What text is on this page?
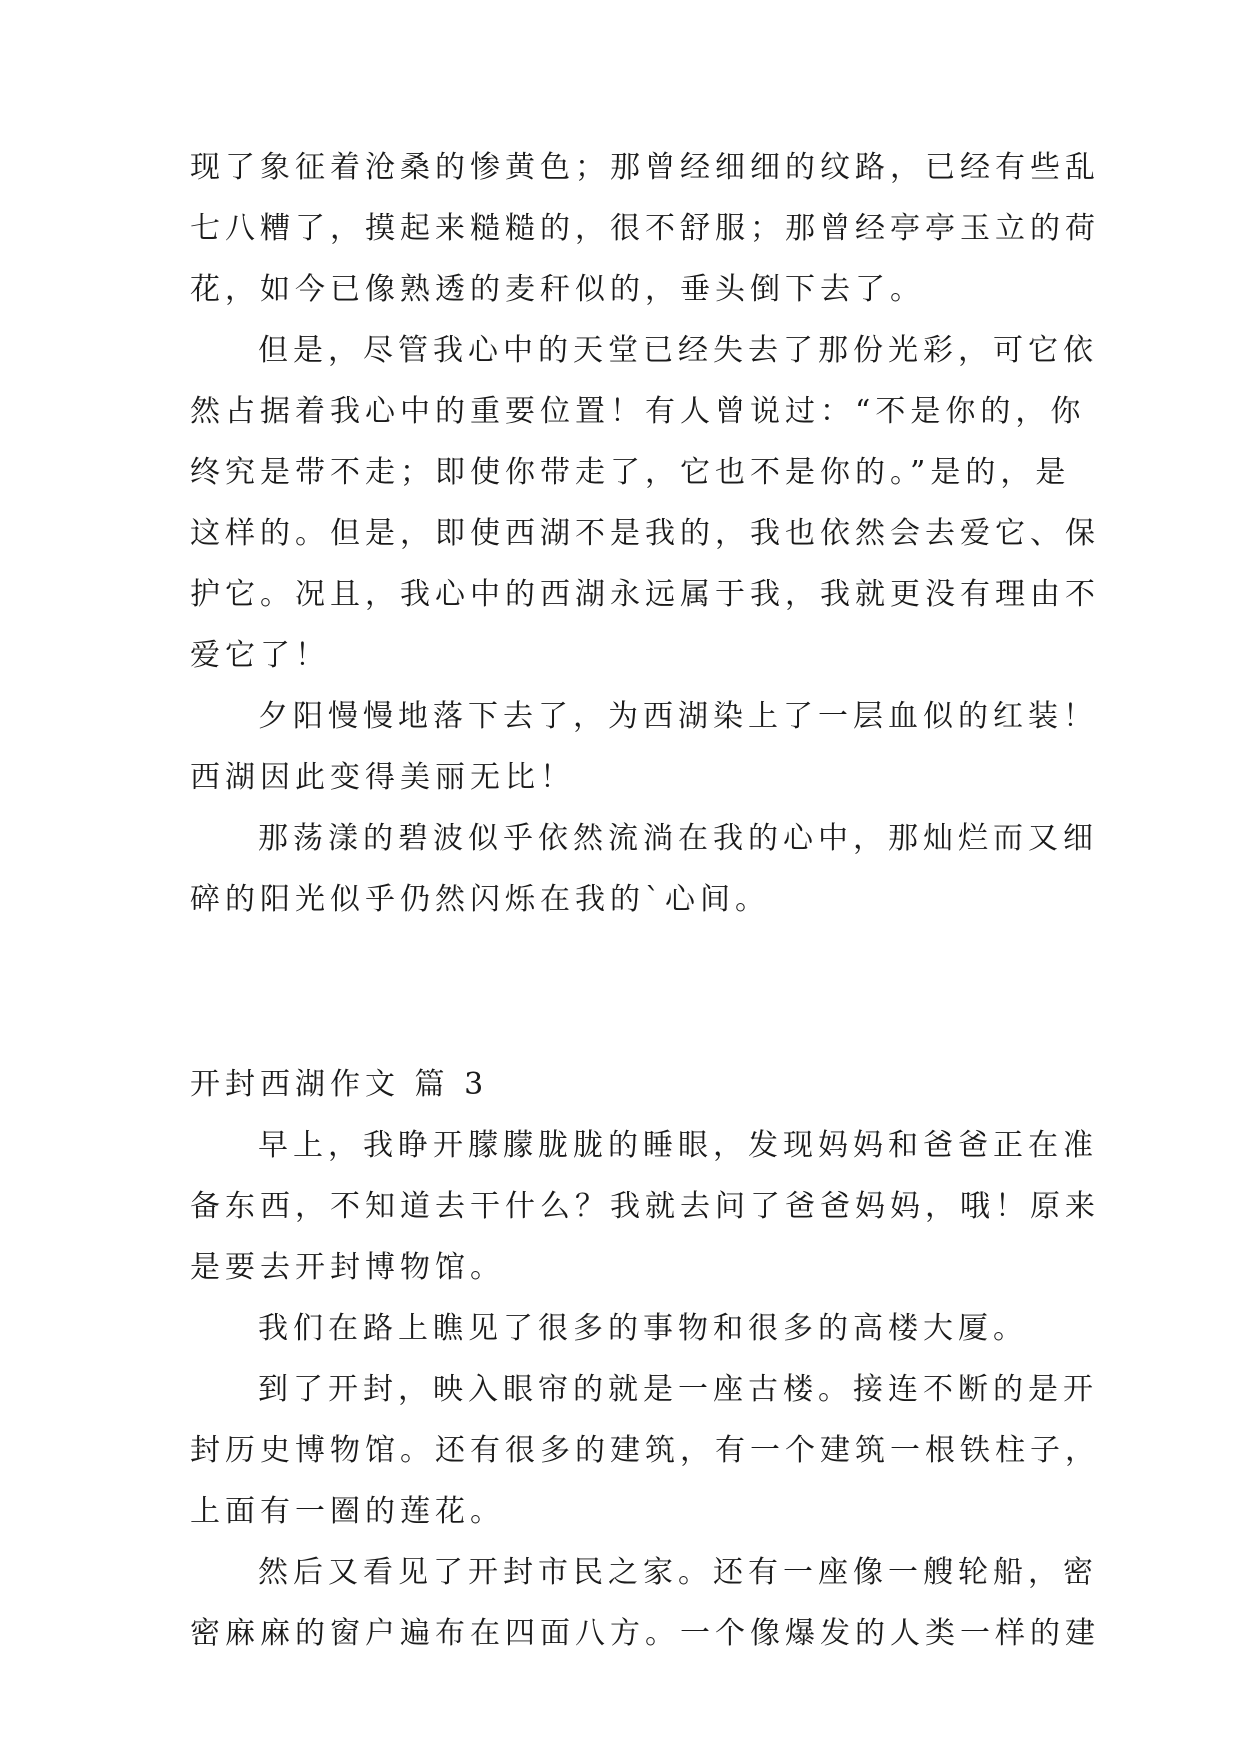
现了象征着沧桑的惨黄色；那曾经细细的纹路，已经有些乱
七八糟了，摸起来糙糙的，很不舒服；那曾经亭亭玉立的荷
花，如今已像熟透的麦秆似的，垂头倒下去了。
但是，尽管我心中的天堂已经失去了那份光彩，可它依
然占据着我心中的重要位置！有人曾说过：“不是你的，你
终究是带不走；即使你带走了，它也不是你的。”是的，是
这样的。但是，即使西湖不是我的，我也依然会去爱它、保
护它。况且，我心中的西湖永远属于我，我就更没有理由不
爱它了！
夕阳慢慢地落下去了，为西湖染上了一层血似的红装！
西湖因此变得美丽无比！
那荡漾的碧波似乎依然流淌在我的心中，那灿烂而又细
碎的阳光似乎仍然闪烁在我的`心间。
开封西湖作文 篇 3
早上，我睁开朦朦胧胧的睡眼，发现妈妈和爸爸正在准
备东西，不知道去干什么？我就去问了爸爸妈妈，哦！原来
是要去开封博物馆。
我们在路上瞧见了很多的事物和很多的高楼大厦。
到了开封，映入眼帘的就是一座古楼。接连不断的是开
封历史博物馆。还有很多的建筑，有一个建筑一根铁柱子，
上面有一圈的莲花。
然后又看见了开封市民之家。还有一座像一艘轮船，密
密麻麻的窗户遍布在四面八方。一个像爆发的人类一样的建
